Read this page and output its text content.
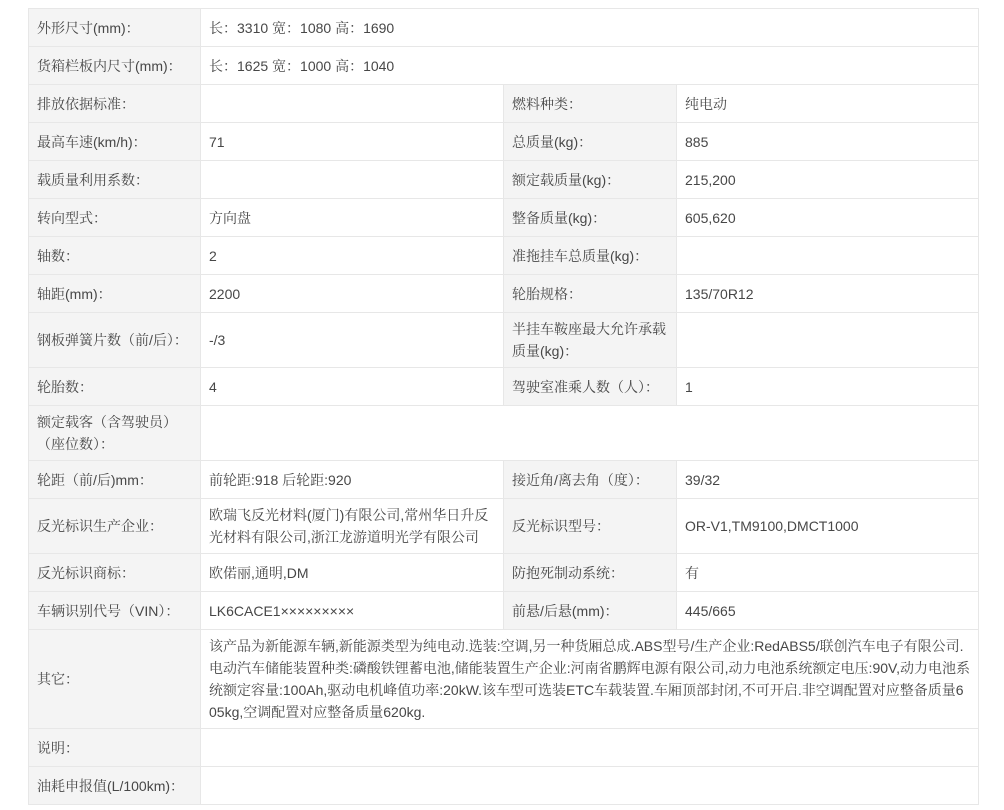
外形尺寸(mm)：	长：3310 宽：1080 高：1690		
货箱栏板内尺寸(mm)：	长：1625 宽：1000 高：1040		
排放依据标准：		燃料种类：	纯电动
最高车速(km/h)：	71	总质量(kg)：	885
载质量利用系数：		额定载质量(kg)：	215,200
转向型式：	方向盘	整备质量(kg)：	605,620
轴数：	2	准拖挂车总质量(kg)：	
轴距(mm)：	2200	轮胎规格：	135/70R12
钢板弹簧片数（前/后）：	-/3	半挂车鞍座最大允许承载质量(kg)：	
轮胎数：	4	驾驶室准乘人数（人）：	1
额定载客（含驾驶员）（座位数）：			
轮距（前/后)mm：	前轮距:918 后轮距:920	接近角/离去角（度）：	39/32
反光标识生产企业：	欧瑞飞反光材料(厦门)有限公司,常州华日升反光材料有限公司,浙江龙游道明光学有限公司	反光标识型号：	OR-V1,TM9100,DMCT1000
反光标识商标：	欧偌丽,通明,DM	防抱死制动系统：	有
车辆识别代号（VIN）：	LK6CACE1×××××××××	前悬/后悬(mm)：	445/665
其它：	该产品为新能源车辆,新能源类型为纯电动.选装:空调,另一种货厢总成.ABS型号/生产企业:RedABS5/联创汽车电子有限公司.电动汽车储能装置种类:磷酸铁锂蓄电池,储能装置生产企业:河南省鹏辉电源有限公司,动力电池系统额定电压:90V,动力电池系统额定容量:100Ah,驱动电机峰值功率:20kW.该车型可选装ETC车载装置.车厢顶部封闭,不可开启.非空调配置对应整备质量605kg,空调配置对应整备质量620kg.		
说明：			
油耗申报值(L/100km)：			
